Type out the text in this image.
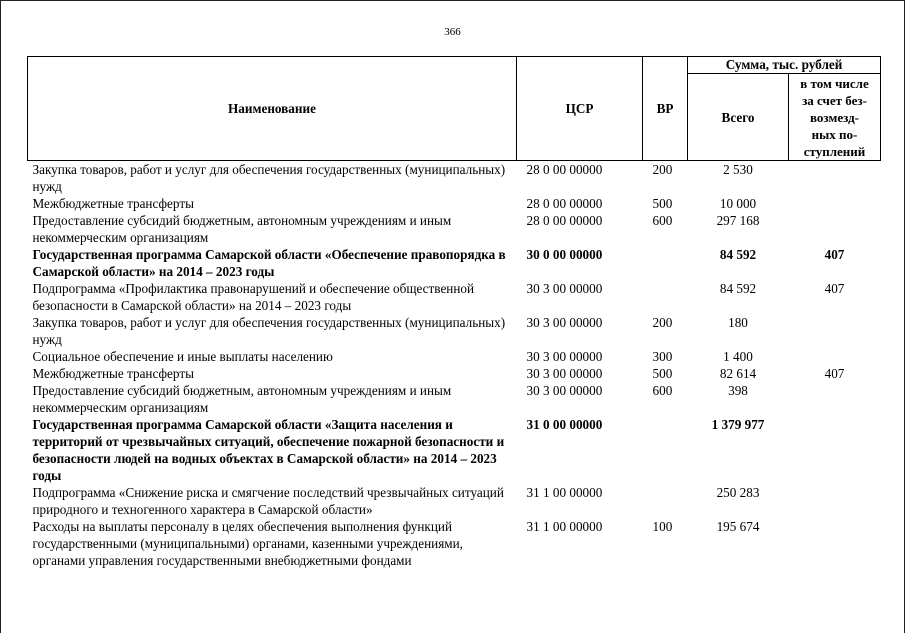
366
Наименование	ЦСР	ВР	Сумма, тыс. рублей	
			Всего	в том числе
за счет без-
возмезд-
ных по-
ступлений
Закупка товаров, работ и услуг для обеспечения государственных (муниципальных) нужд	28 0 00 00000	200	2 530	
Межбюджетные трансферты	28 0 00 00000	500	10 000	
Предоставление субсидий бюджетным, автономным учреждениям и иным некоммерческим организациям	28 0 00 00000	600	297 168	
Государственная программа Самарской области «Обеспечение правопорядка в Самарской области» на 2014 – 2023 годы	30 0 00 00000		84 592	407
Подпрограмма «Профилактика правонарушений и обеспечение общественной безопасности в Самарской области» на 2014 – 2023 годы	30 3 00 00000		84 592	407
Закупка товаров, работ и услуг для обеспечения государственных (муниципальных) нужд	30 3 00 00000	200	180	
Социальное обеспечение и иные выплаты населению	30 3 00 00000	300	1 400	
Межбюджетные трансферты	30 3 00 00000	500	82 614	407
Предоставление субсидий бюджетным, автономным учреждениям и иным некоммерческим организациям	30 3 00 00000	600	398	
Государственная программа Самарской области «Защита населения и территорий от чрезвычайных ситуаций, обеспечение пожарной безопасности и безопасности людей на водных объектах в Самарской области» на 2014 – 2023 годы	31 0 00 00000		1 379 977	
Подпрограмма «Снижение риска и смягчение последствий чрезвычайных ситуаций природного и техногенного характера в Самарской области»	31 1 00 00000		250 283	
Расходы на выплаты персоналу в целях обеспечения выполнения функций государственными (муниципальными) органами, казенными учреждениями, органами управления государственными внебюджетными фондами	31 1 00 00000	100	195 674	
